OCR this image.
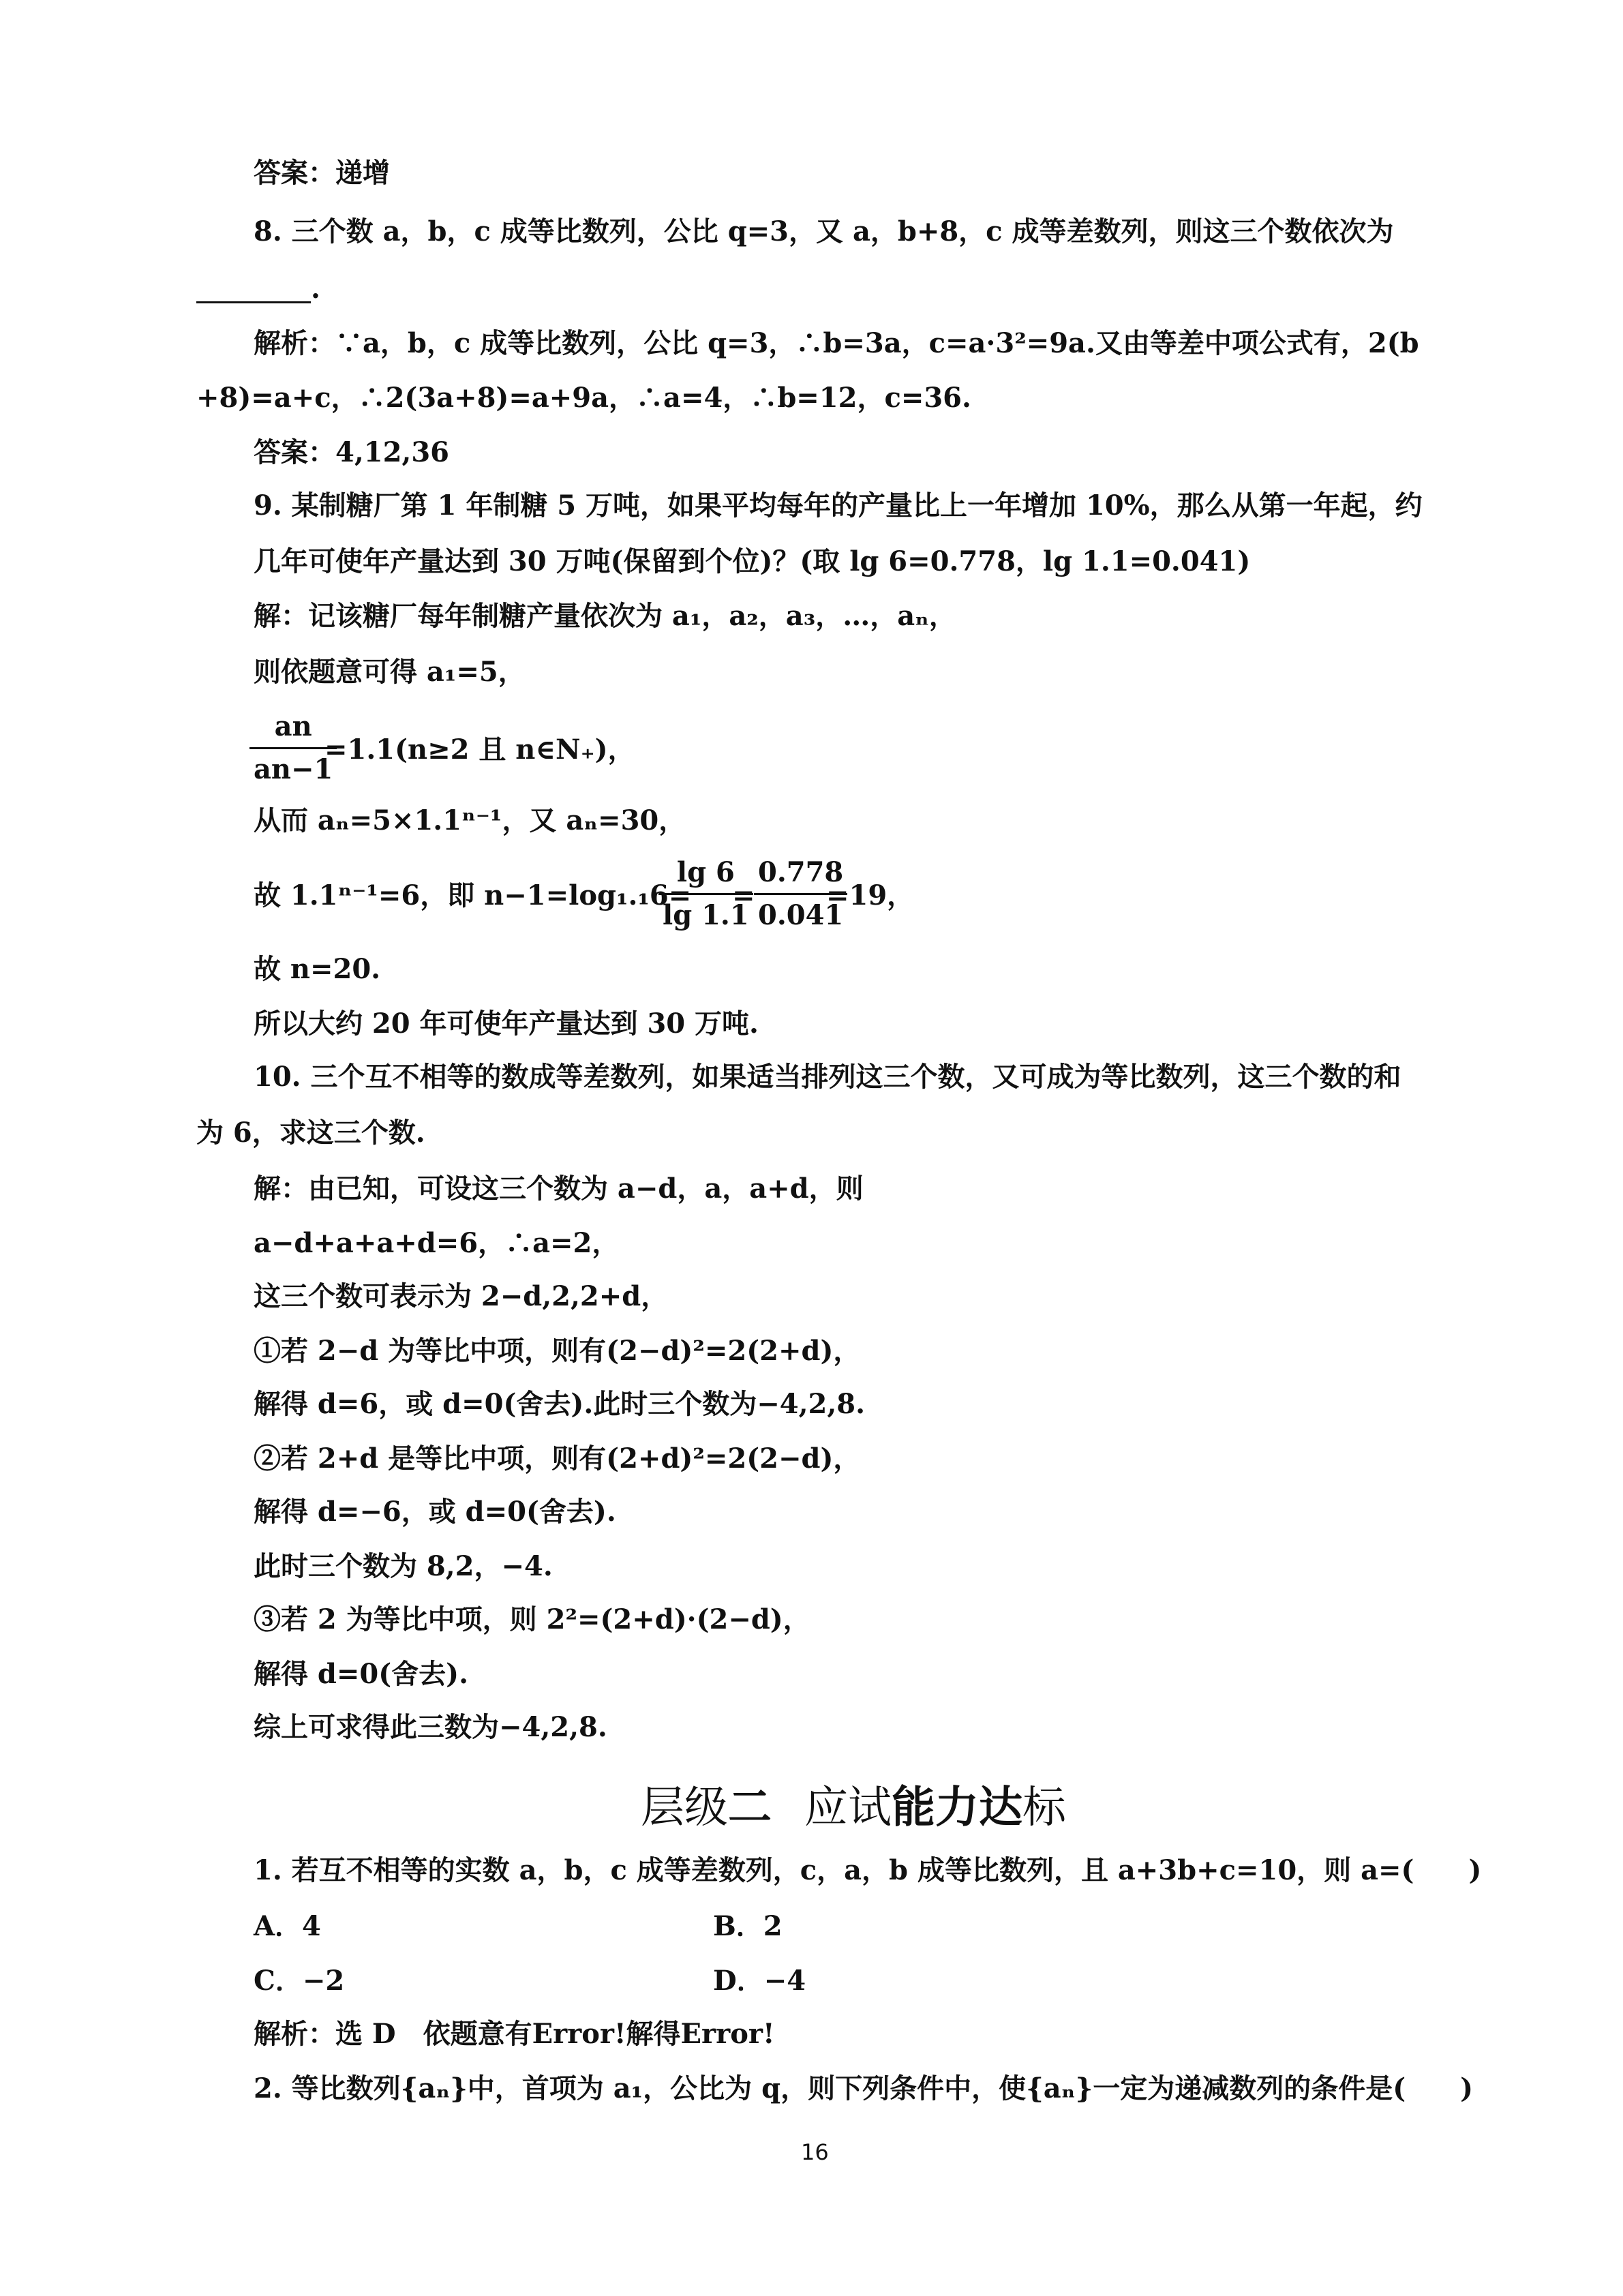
答案：递增
8. 三个数 a，b，c 成等比数列，公比 q=3，又 a，b+8，c 成等差数列，则这三个数依次为
.
解析：∵a，b，c 成等比数列，公比 q=3，∴b=3a，c=a·3²=9a.又由等差中项公式有，2(b
+8)=a+c，∴2(3a+8)=a+9a，∴a=4，∴b=12，c=36.
答案：4,12,36
9. 某制糖厂第 1 年制糖 5 万吨，如果平均每年的产量比上一年增加 10%，那么从第一年起，约
几年可使年产量达到 30 万吨(保留到个位)？(取 lg 6=0.778，lg 1.1=0.041)
解：记该糖厂每年制糖产量依次为 a₁，a₂，a₃，…，aₙ，
则依题意可得 a₁=5，
an
an−1
=1.1(n≥2 且 n∈N₊)，
从而 aₙ=5×1.1ⁿ⁻¹，又 aₙ=30，
故 1.1ⁿ⁻¹=6，即 n−1=log₁.₁6=
lg 6
lg 1.1
=
0.778
0.041
=19，
故 n=20.
所以大约 20 年可使年产量达到 30 万吨.
10. 三个互不相等的数成等差数列，如果适当排列这三个数，又可成为等比数列，这三个数的和
为 6，求这三个数.
解：由已知，可设这三个数为 a−d，a，a+d，则
a−d+a+a+d=6，∴a=2，
这三个数可表示为 2−d,2,2+d，
①若 2−d 为等比中项，则有(2−d)²=2(2+d)，
解得 d=6，或 d=0(舍去).此时三个数为−4,2,8.
②若 2+d 是等比中项，则有(2+d)²=2(2−d)，
解得 d=−6，或 d=0(舍去).
此时三个数为 8,2，−4.
③若 2 为等比中项，则 2²=(2+d)·(2−d)，
解得 d=0(舍去).
综上可求得此三数为−4,2,8.
层级二 应试能力达标
1. 若互不相等的实数 a，b，c 成等差数列，c，a，b 成等比数列，且 a+3b+c=10，则 a=(　　)
A．4	B．2
C．−2	D．−4
解析：选 D　依题意有Error!解得Error!
2. 等比数列{aₙ}中，首项为 a₁，公比为 q，则下列条件中，使{aₙ}一定为递减数列的条件是(　　)
16
